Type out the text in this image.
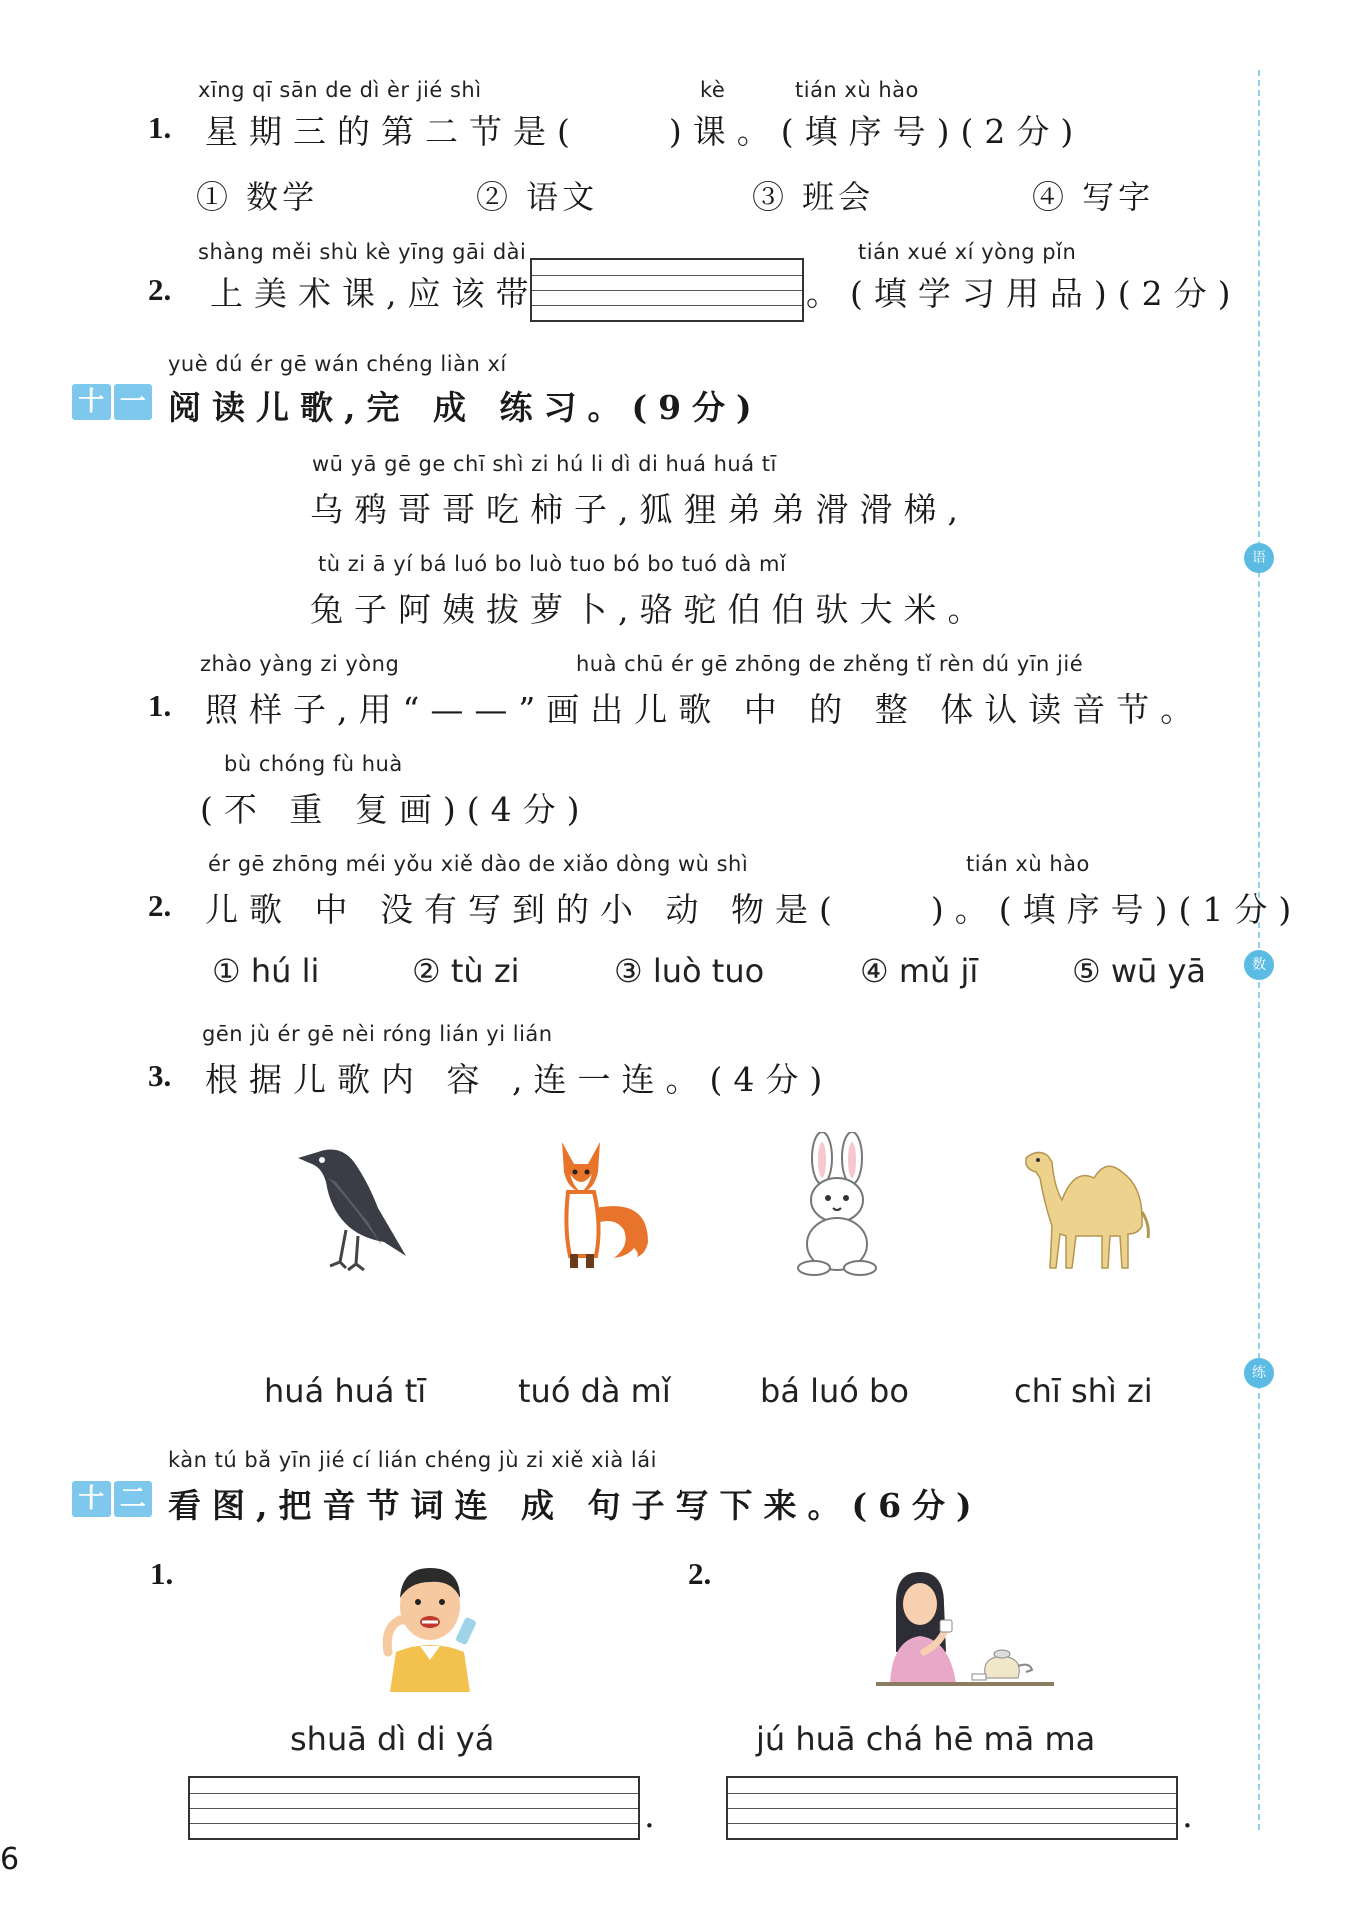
语
数
练
xīng qī sān de dì èr jié shì	kè	tián xù hào
1. 星期三的第二节是(　　)课。(填序号)(2分)
① 数学	② 语文	③ 班会	④ 写字
shàng měi shù kè yīng gāi dài	tián xué xí yòng pǐn
2. 上美术课,应该带	。(填学习用品)(2分)
yuè dú ér gē wán chéng liàn xí
十 一 阅读儿歌,完 成 练习。(9分)
wū yā gē ge chī shì zi hú li dì di huá huá tī
乌鸦哥哥吃柿子,狐狸弟弟滑滑梯,
tù zi ā yí bá luó bo luò tuo bó bo tuó dà mǐ
兔子阿姨拔萝卜,骆驼伯伯驮大米。
zhào yàng zi yòng	huà chū ér gē zhōng de zhěng tǐ rèn dú yīn jié
1. 照样子,用“——”画出儿歌 中 的 整 体认读音节。
bù chóng fù huà
(不 重 复画)(4分)
ér gē zhōng méi yǒu xiě dào de xiǎo dòng wù shì	tián xù hào
2. 儿歌 中 没有写到的小 动 物是(　　)。(填序号)(1分)
① hú li	② tù zi	③ luò tuo	④ mǔ jī	⑤ wū yā
gēn jù ér gē nèi róng lián yi lián
3. 根据儿歌内 容 ,连一连。(4分)
huá huá tī	tuó dà mǐ	bá luó bo	chī shì zi
kàn tú bǎ yīn jié cí lián chéng jù zi xiě xià lái
十 二 看图,把音节词连 成 句子写下来。(6分)
1.	2.
shuā dì di yá	jú huā chá hē mā ma
.	.
6
